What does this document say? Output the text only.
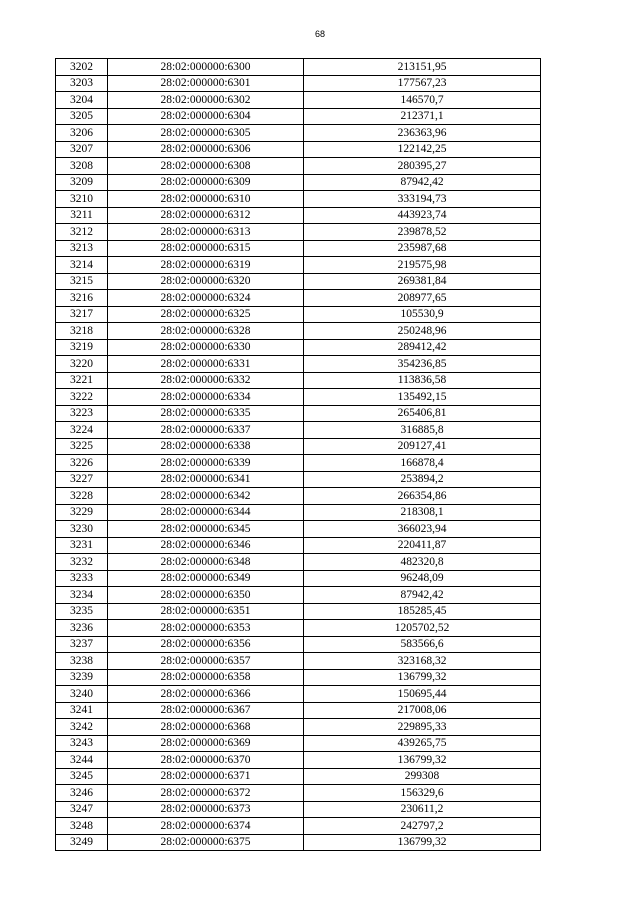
68
3202	28:02:000000:6300	213151,95
3203	28:02:000000:6301	177567,23
3204	28:02:000000:6302	146570,7
3205	28:02:000000:6304	212371,1
3206	28:02:000000:6305	236363,96
3207	28:02:000000:6306	122142,25
3208	28:02:000000:6308	280395,27
3209	28:02:000000:6309	87942,42
3210	28:02:000000:6310	333194,73
3211	28:02:000000:6312	443923,74
3212	28:02:000000:6313	239878,52
3213	28:02:000000:6315	235987,68
3214	28:02:000000:6319	219575,98
3215	28:02:000000:6320	269381,84
3216	28:02:000000:6324	208977,65
3217	28:02:000000:6325	105530,9
3218	28:02:000000:6328	250248,96
3219	28:02:000000:6330	289412,42
3220	28:02:000000:6331	354236,85
3221	28:02:000000:6332	113836,58
3222	28:02:000000:6334	135492,15
3223	28:02:000000:6335	265406,81
3224	28:02:000000:6337	316885,8
3225	28:02:000000:6338	209127,41
3226	28:02:000000:6339	166878,4
3227	28:02:000000:6341	253894,2
3228	28:02:000000:6342	266354,86
3229	28:02:000000:6344	218308,1
3230	28:02:000000:6345	366023,94
3231	28:02:000000:6346	220411,87
3232	28:02:000000:6348	482320,8
3233	28:02:000000:6349	96248,09
3234	28:02:000000:6350	87942,42
3235	28:02:000000:6351	185285,45
3236	28:02:000000:6353	1205702,52
3237	28:02:000000:6356	583566,6
3238	28:02:000000:6357	323168,32
3239	28:02:000000:6358	136799,32
3240	28:02:000000:6366	150695,44
3241	28:02:000000:6367	217008,06
3242	28:02:000000:6368	229895,33
3243	28:02:000000:6369	439265,75
3244	28:02:000000:6370	136799,32
3245	28:02:000000:6371	299308
3246	28:02:000000:6372	156329,6
3247	28:02:000000:6373	230611,2
3248	28:02:000000:6374	242797,2
3249	28:02:000000:6375	136799,32
